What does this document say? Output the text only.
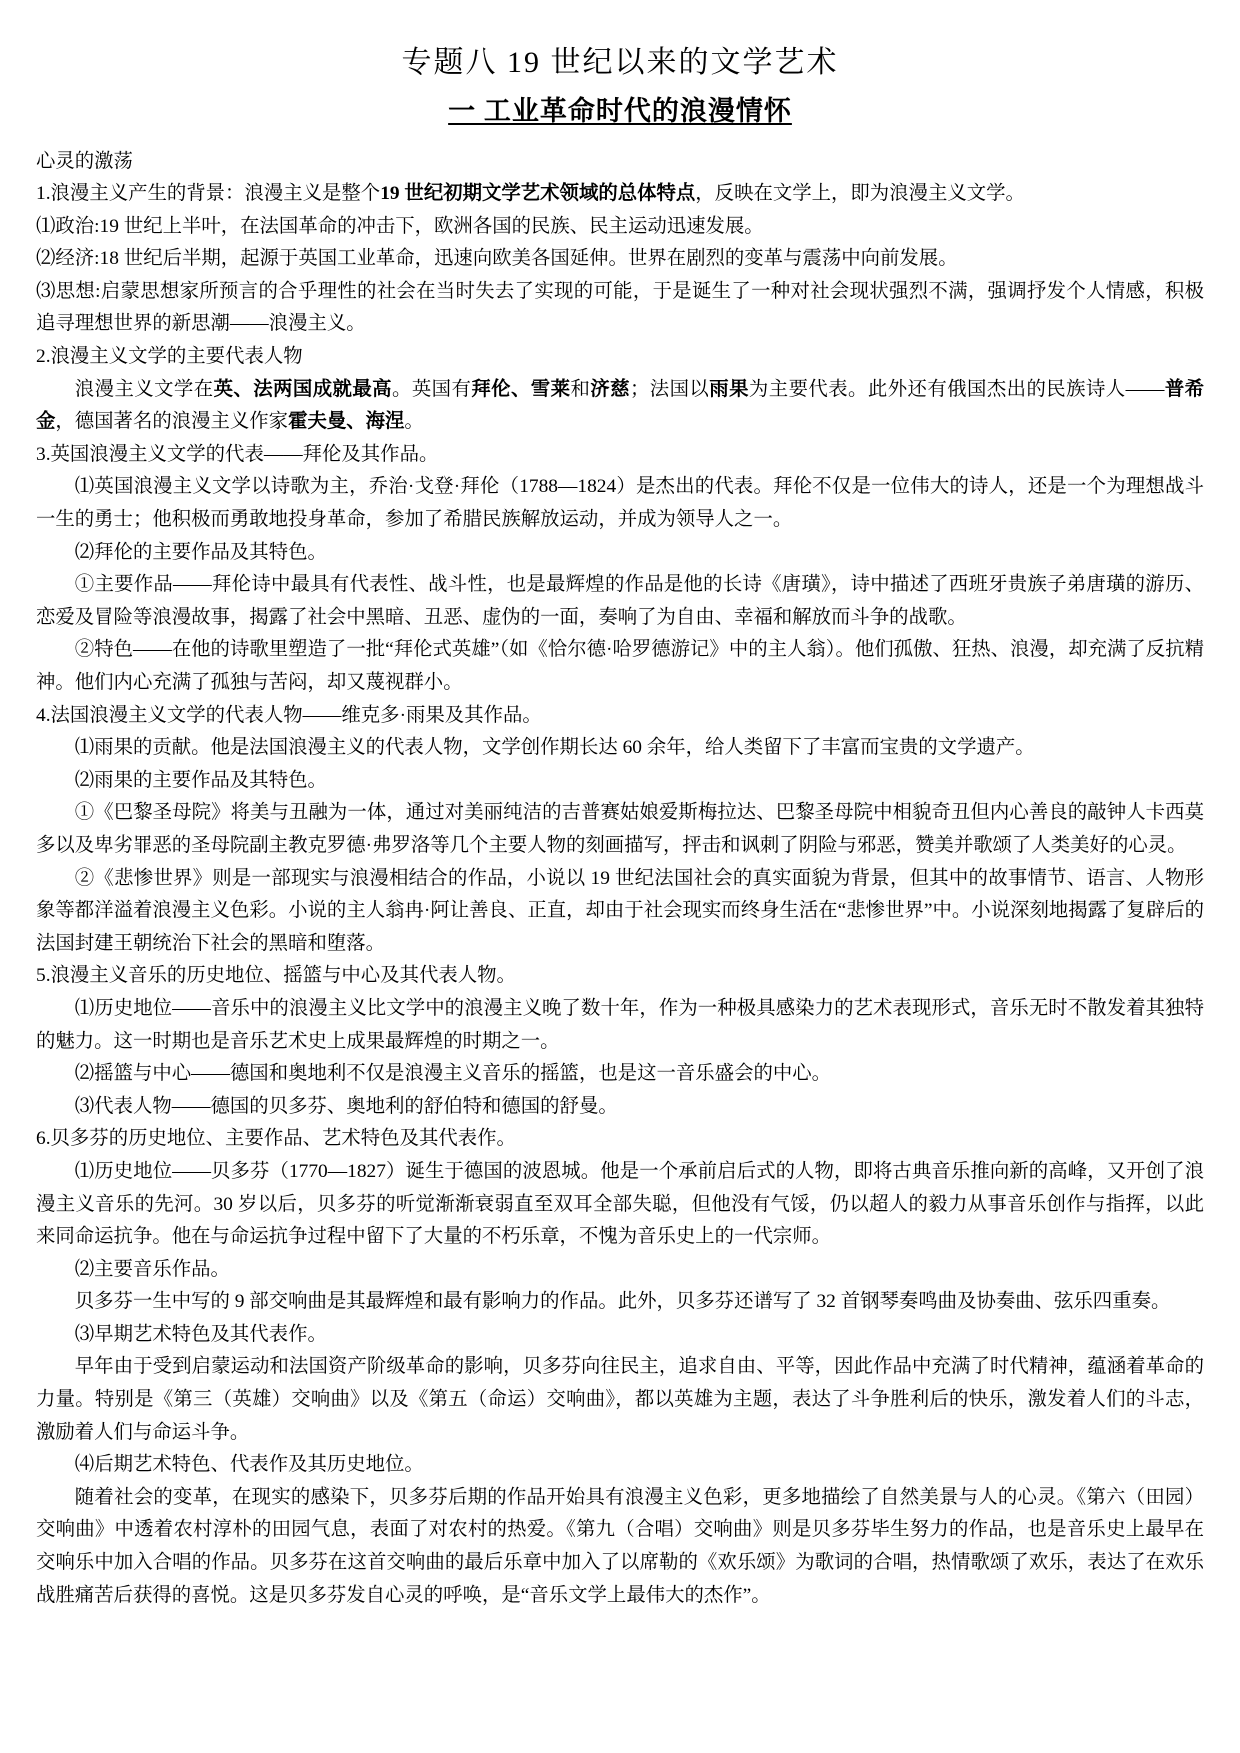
专题八 19 世纪以来的文学艺术
一 工业革命时代的浪漫情怀

心灵的激荡

1.浪漫主义产生的背景：浪漫主义是整个19 世纪初期文学艺术领域的总体特点，反映在文学上，即为浪漫主义文学。

⑴政治:19 世纪上半叶，在法国革命的冲击下，欧洲各国的民族、民主运动迅速发展。

⑵经济:18 世纪后半期，起源于英国工业革命，迅速向欧美各国延伸。世界在剧烈的变革与震荡中向前发展。

⑶思想:启蒙思想家所预言的合乎理性的社会在当时失去了实现的可能，于是诞生了一种对社会现状强烈不满，强调抒发个人情感，积极追寻理想世界的新思潮——浪漫主义。

2.浪漫主义文学的主要代表人物

浪漫主义文学在英、法两国成就最高。英国有拜伦、雪莱和济慈；法国以雨果为主要代表。此外还有俄国杰出的民族诗人——普希金，德国著名的浪漫主义作家霍夫曼、海涅。

3.英国浪漫主义文学的代表——拜伦及其作品。

⑴英国浪漫主义文学以诗歌为主，乔治·戈登·拜伦（1788—1824）是杰出的代表。拜伦不仅是一位伟大的诗人，还是一个为理想战斗一生的勇士；他积极而勇敢地投身革命，参加了希腊民族解放运动，并成为领导人之一。

⑵拜伦的主要作品及其特色。

①主要作品——拜伦诗中最具有代表性、战斗性，也是最辉煌的作品是他的长诗《唐璜》，诗中描述了西班牙贵族子弟唐璜的游历、恋爱及冒险等浪漫故事，揭露了社会中黑暗、丑恶、虚伪的一面，奏响了为自由、幸福和解放而斗争的战歌。

②特色——在他的诗歌里塑造了一批“拜伦式英雄”（如《恰尔德·哈罗德游记》中的主人翁）。他们孤傲、狂热、浪漫，却充满了反抗精神。他们内心充满了孤独与苦闷，却又蔑视群小。

4.法国浪漫主义文学的代表人物——维克多·雨果及其作品。

⑴雨果的贡献。他是法国浪漫主义的代表人物，文学创作期长达 60 余年，给人类留下了丰富而宝贵的文学遗产。

⑵雨果的主要作品及其特色。

①《巴黎圣母院》将美与丑融为一体，通过对美丽纯洁的吉普赛姑娘爱斯梅拉达、巴黎圣母院中相貌奇丑但内心善良的敲钟人卡西莫多以及卑劣罪恶的圣母院副主教克罗德·弗罗洛等几个主要人物的刻画描写，抨击和讽刺了阴险与邪恶，赞美并歌颂了人类美好的心灵。

②《悲惨世界》则是一部现实与浪漫相结合的作品，小说以 19 世纪法国社会的真实面貌为背景，但其中的故事情节、语言、人物形象等都洋溢着浪漫主义色彩。小说的主人翁冉·阿让善良、正直，却由于社会现实而终身生活在“悲惨世界”中。小说深刻地揭露了复辟后的法国封建王朝统治下社会的黑暗和堕落。

5.浪漫主义音乐的历史地位、摇篮与中心及其代表人物。

⑴历史地位——音乐中的浪漫主义比文学中的浪漫主义晚了数十年，作为一种极具感染力的艺术表现形式，音乐无时不散发着其独特的魅力。这一时期也是音乐艺术史上成果最辉煌的时期之一。

⑵摇篮与中心——德国和奥地利不仅是浪漫主义音乐的摇篮，也是这一音乐盛会的中心。

⑶代表人物——德国的贝多芬、奥地利的舒伯特和德国的舒曼。

6.贝多芬的历史地位、主要作品、艺术特色及其代表作。

⑴历史地位——贝多芬（1770—1827）诞生于德国的波恩城。他是一个承前启后式的人物，即将古典音乐推向新的高峰，又开创了浪漫主义音乐的先河。30 岁以后，贝多芬的听觉渐渐衰弱直至双耳全部失聪，但他没有气馁，仍以超人的毅力从事音乐创作与指挥，以此来同命运抗争。他在与命运抗争过程中留下了大量的不朽乐章，不愧为音乐史上的一代宗师。

⑵主要音乐作品。

贝多芬一生中写的 9 部交响曲是其最辉煌和最有影响力的作品。此外，贝多芬还谱写了 32 首钢琴奏鸣曲及协奏曲、弦乐四重奏。

⑶早期艺术特色及其代表作。

早年由于受到启蒙运动和法国资产阶级革命的影响，贝多芬向往民主，追求自由、平等，因此作品中充满了时代精神，蕴涵着革命的力量。特别是《第三（英雄）交响曲》以及《第五（命运）交响曲》，都以英雄为主题，表达了斗争胜利后的快乐，激发着人们的斗志，激励着人们与命运斗争。

⑷后期艺术特色、代表作及其历史地位。

随着社会的变革，在现实的感染下，贝多芬后期的作品开始具有浪漫主义色彩，更多地描绘了自然美景与人的心灵。《第六（田园）交响曲》中透着农村淳朴的田园气息，表面了对农村的热爱。《第九（合唱）交响曲》则是贝多芬毕生努力的作品，也是音乐史上最早在交响乐中加入合唱的作品。贝多芬在这首交响曲的最后乐章中加入了以席勒的《欢乐颂》为歌词的合唱，热情歌颂了欢乐，表达了在欢乐战胜痛苦后获得的喜悦。这是贝多芬发自心灵的呼唤，是“音乐文学上最伟大的杰作”。
